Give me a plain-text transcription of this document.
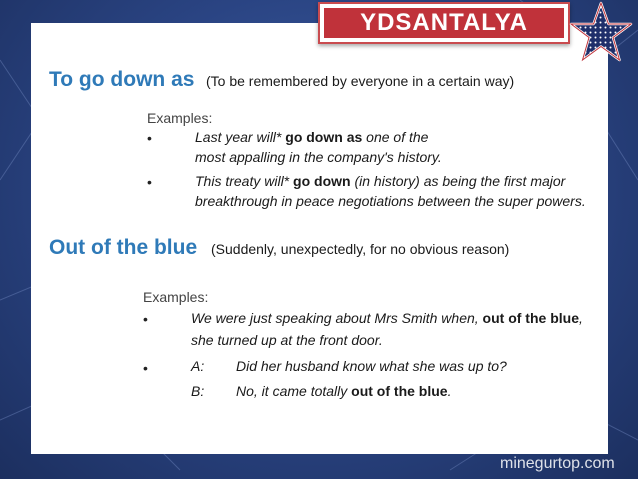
To go down as (To be remembered by everyone in a certain way)
Examples:
•	Last year will* go down as one of the
most appalling in the company's history.
•	This treaty will* go down (in history) as being the first major
breakthrough in peace negotiations between the super powers.
Out of the blue (Suddenly, unexpectedly, for no obvious reason)
Examples:
•	We were just speaking about Mrs Smith when, out of the blue,
she turned up at the front door.
•	A: Did her husband know what she was up to?
B: No, it came totally out of the blue.
YDSANTALYA
minegurtop.com
